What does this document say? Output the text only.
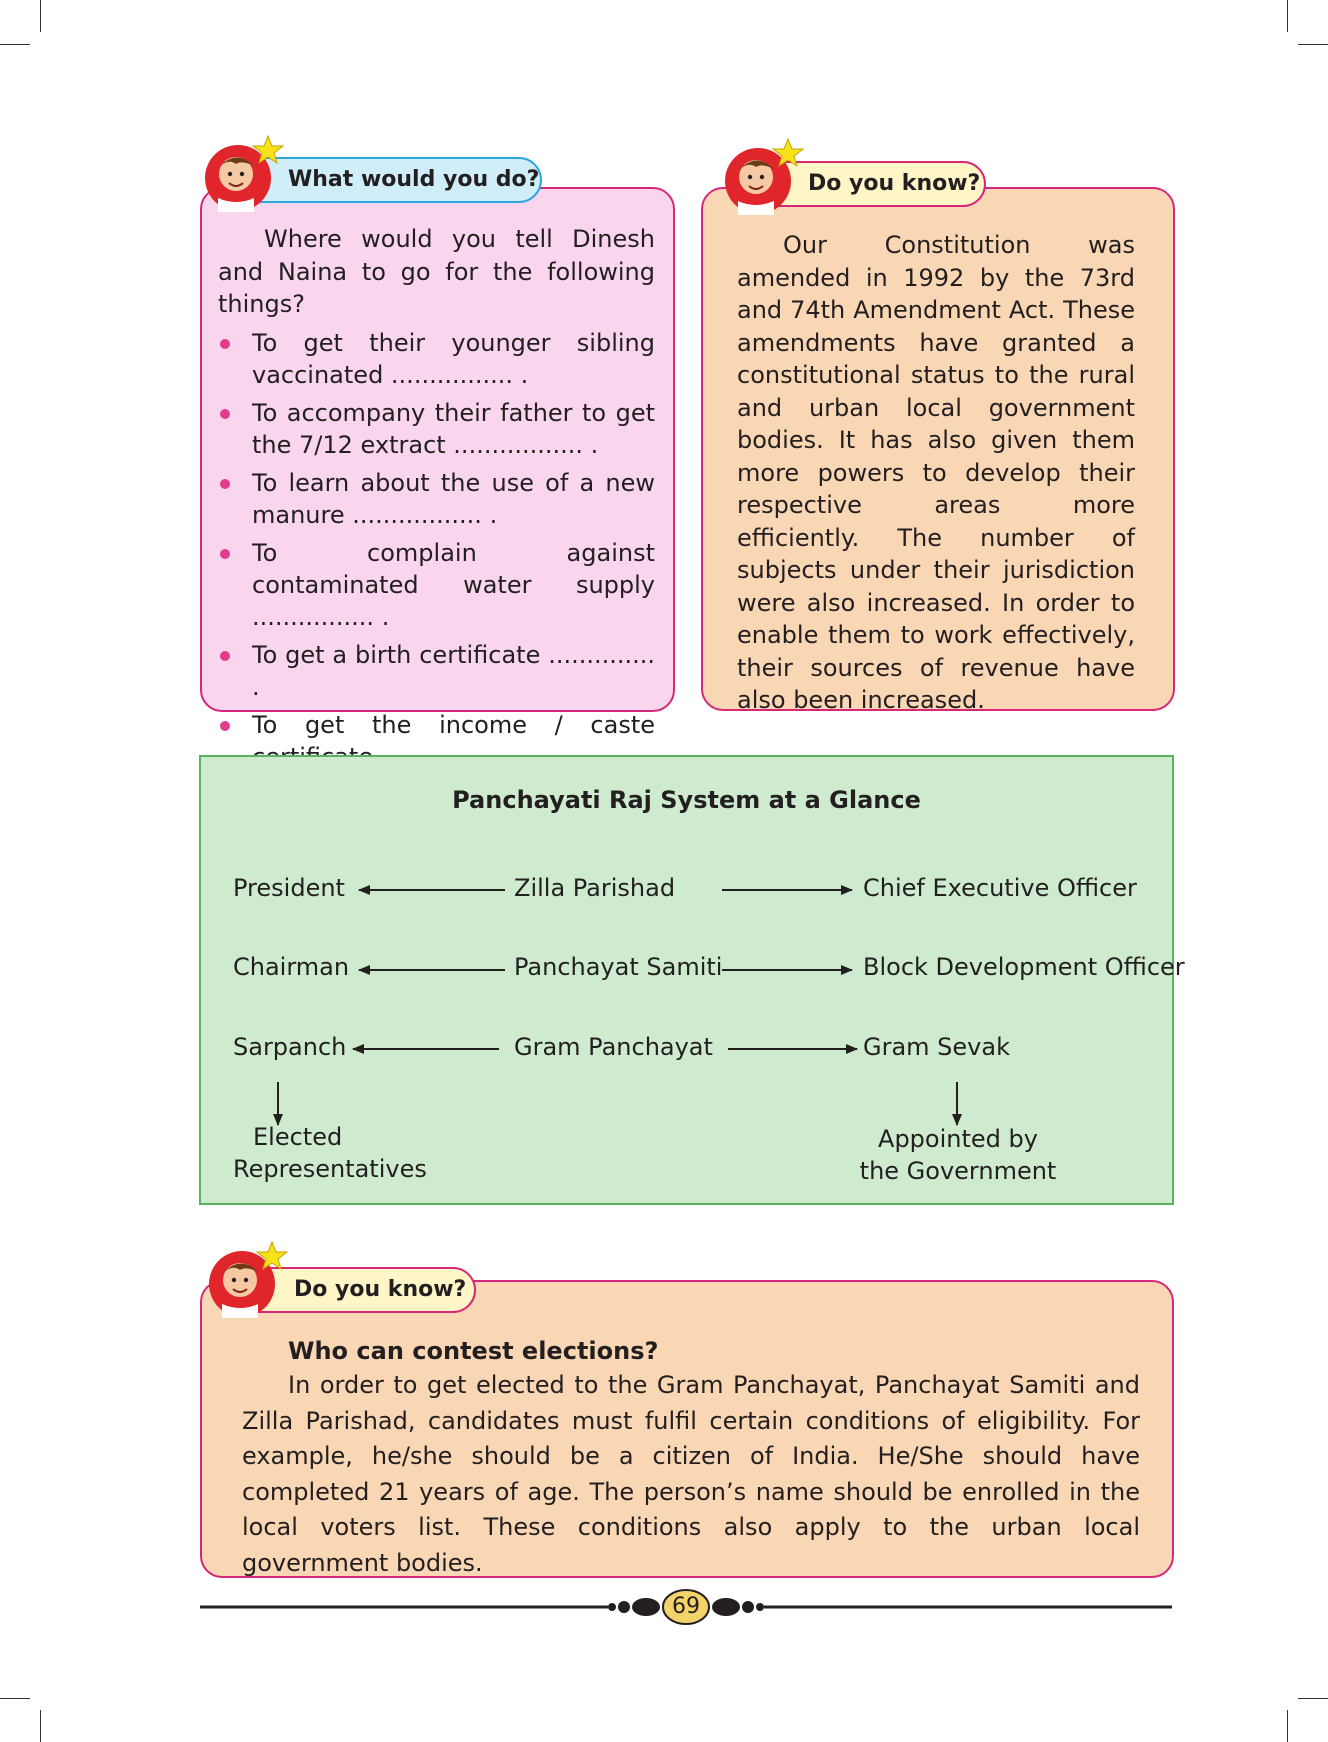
Where would you tell Dinesh and Naina to go for the following things?

To get their younger sibling vaccinated ................ .
To accompany their father to get the 7/12 extract ................. .
To learn about the use of a new manure ................. .
To complain against contaminated water supply ................ .
To get a birth certificate .............. .
To get the income / caste
What would you do?

Our Constitution was amended in 1992 by the 73rd and 74th Amendment Act. These amendments have granted a constitutional status to the rural and urban local government bodies. It has also given them more powers to develop their respective areas more efficiently. The number of subjects under their jurisdiction were also increased. In order to enable them to work effectively, their sources of revenue have also been increased.

Do you know?
Panchayati Raj System at a Glance
President	Zilla Parishad	Chief Executive Officer
Chairman	Panchayat Samiti	Block Development Officer
Sarpanch	Gram Panchayat	Gram Sevak
Elected
Representatives
Appointed by
the Government

Who can contest elections?

In order to get elected to the Gram Panchayat, Panchayat Samiti and Zilla Parishad, candidates must fulfil certain conditions of eligibility. For example, he/she should be a citizen of India. He/She should have completed 21 years of age. The person’s name should be enrolled in the local voters list. These conditions also apply to the urban local government bodies.

Do you know?
69
